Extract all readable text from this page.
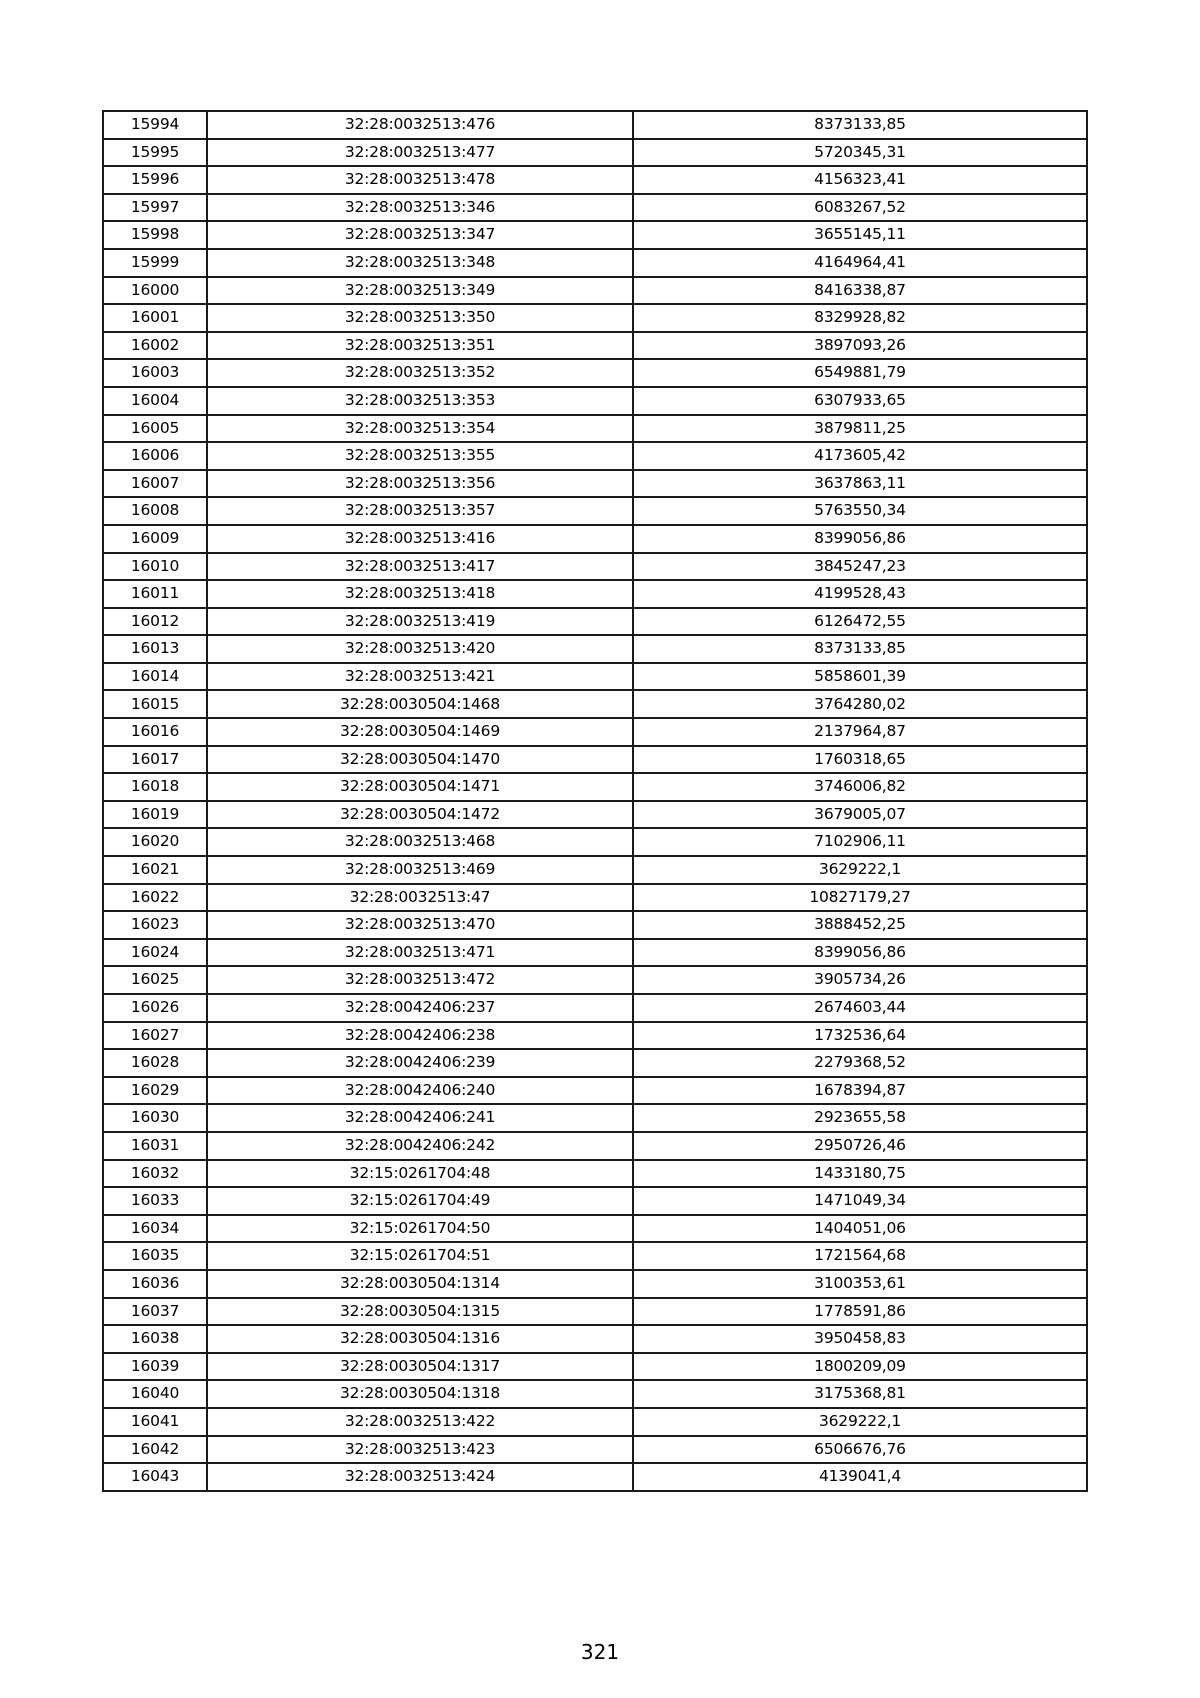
15994	32:28:0032513:476	8373133,85
15995	32:28:0032513:477	5720345,31
15996	32:28:0032513:478	4156323,41
15997	32:28:0032513:346	6083267,52
15998	32:28:0032513:347	3655145,11
15999	32:28:0032513:348	4164964,41
16000	32:28:0032513:349	8416338,87
16001	32:28:0032513:350	8329928,82
16002	32:28:0032513:351	3897093,26
16003	32:28:0032513:352	6549881,79
16004	32:28:0032513:353	6307933,65
16005	32:28:0032513:354	3879811,25
16006	32:28:0032513:355	4173605,42
16007	32:28:0032513:356	3637863,11
16008	32:28:0032513:357	5763550,34
16009	32:28:0032513:416	8399056,86
16010	32:28:0032513:417	3845247,23
16011	32:28:0032513:418	4199528,43
16012	32:28:0032513:419	6126472,55
16013	32:28:0032513:420	8373133,85
16014	32:28:0032513:421	5858601,39
16015	32:28:0030504:1468	3764280,02
16016	32:28:0030504:1469	2137964,87
16017	32:28:0030504:1470	1760318,65
16018	32:28:0030504:1471	3746006,82
16019	32:28:0030504:1472	3679005,07
16020	32:28:0032513:468	7102906,11
16021	32:28:0032513:469	3629222,1
16022	32:28:0032513:47	10827179,27
16023	32:28:0032513:470	3888452,25
16024	32:28:0032513:471	8399056,86
16025	32:28:0032513:472	3905734,26
16026	32:28:0042406:237	2674603,44
16027	32:28:0042406:238	1732536,64
16028	32:28:0042406:239	2279368,52
16029	32:28:0042406:240	1678394,87
16030	32:28:0042406:241	2923655,58
16031	32:28:0042406:242	2950726,46
16032	32:15:0261704:48	1433180,75
16033	32:15:0261704:49	1471049,34
16034	32:15:0261704:50	1404051,06
16035	32:15:0261704:51	1721564,68
16036	32:28:0030504:1314	3100353,61
16037	32:28:0030504:1315	1778591,86
16038	32:28:0030504:1316	3950458,83
16039	32:28:0030504:1317	1800209,09
16040	32:28:0030504:1318	3175368,81
16041	32:28:0032513:422	3629222,1
16042	32:28:0032513:423	6506676,76
16043	32:28:0032513:424	4139041,4
321
